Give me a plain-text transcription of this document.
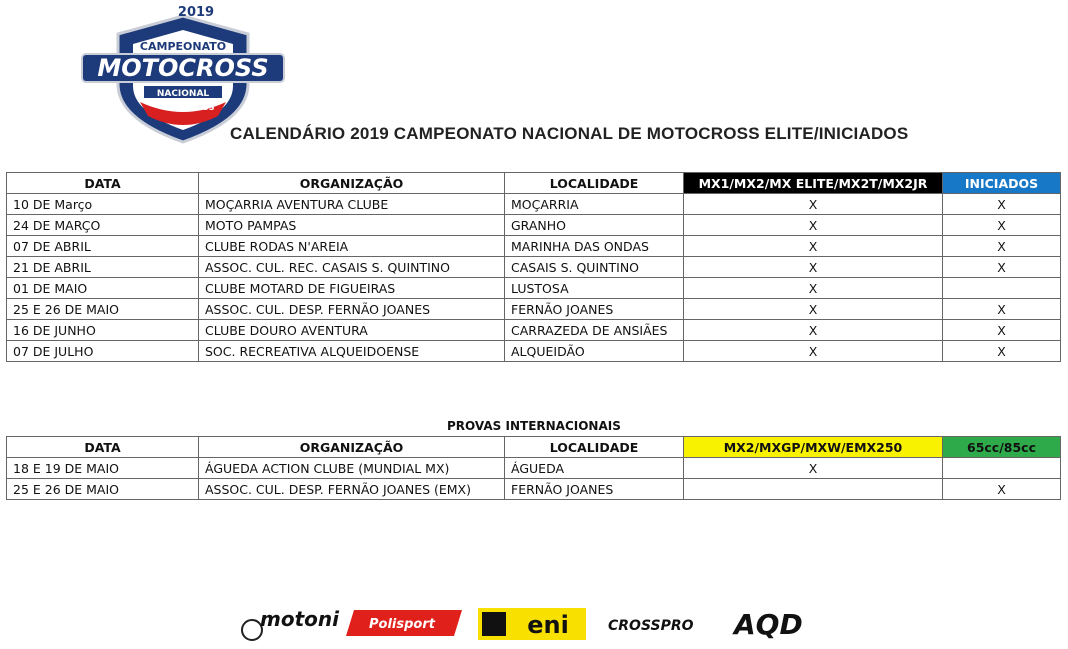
2019
FMP
CAMPEONATO
MOTOCROSS
NACIONAL
JOGOS
CALENDÁRIO 2019 CAMPEONATO NACIONAL DE MOTOCROSS ELITE/INICIADOS
DATA	ORGANIZAÇÃO	LOCALIDADE	MX1/MX2/MX ELITE/MX2T/MX2JR	INICIADOS
10 DE Março	MOÇARRIA AVENTURA CLUBE	MOÇARRIA	X	X
24 DE MARÇO	MOTO PAMPAS	GRANHO	X	X
07 DE ABRIL	CLUBE RODAS N'AREIA	MARINHA DAS ONDAS	X	X
21 DE ABRIL	ASSOC. CUL. REC. CASAIS S. QUINTINO	CASAIS S. QUINTINO	X	X
01 DE MAIO	CLUBE MOTARD DE FIGUEIRAS	LUSTOSA	X	
25 E 26 DE MAIO	ASSOC. CUL. DESP. FERNÃO JOANES	FERNÃO JOANES	X	X
16 DE JUNHO	CLUBE DOURO AVENTURA	CARRAZEDA DE ANSIÃES	X	X
07 DE JULHO	SOC. RECREATIVA ALQUEIDOENSE	ALQUEIDÃO	X	X
PROVAS INTERNACIONAIS
DATA	ORGANIZAÇÃO	LOCALIDADE	MX2/MXGP/MXW/EMX250	65cc/85cc
18 E 19 DE MAIO	ÁGUEDA ACTION CLUBE (MUNDIAL MX)	ÁGUEDA	X	
25 E 26 DE MAIO	ASSOC. CUL. DESP. FERNÃO JOANES (EMX)	FERNÃO JOANES		X
motoni Polisport	eni	CROSSPRO AQD
